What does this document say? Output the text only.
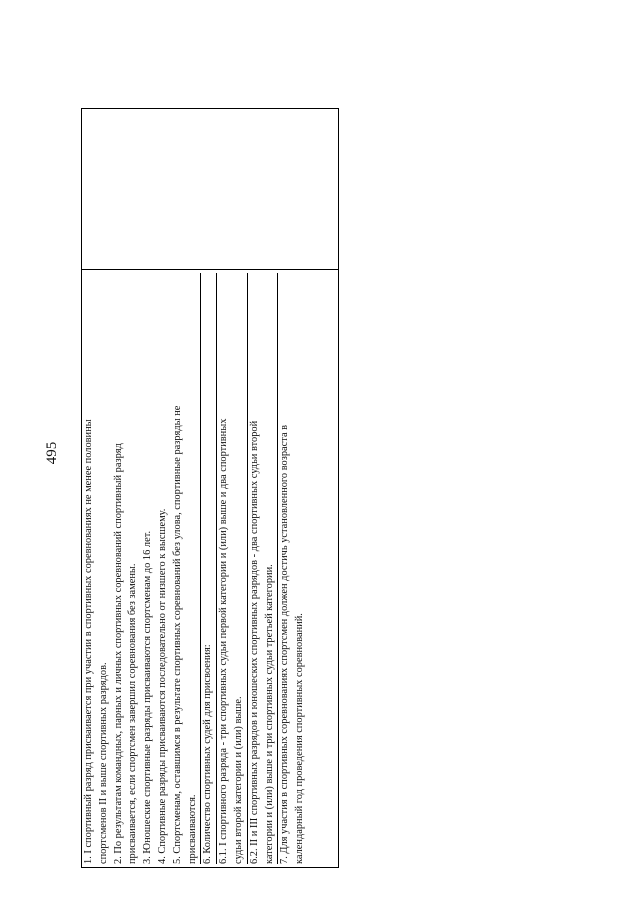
495	1. I спортивный разряд присваивается при участии в спортивных соревнованиях не менее половины спортсменов II и выше спортивных разрядов. 2. По результатам командных, парных и личных спортивных соревнований спортивный разряд присваивается, если спортсмен завершил соревнования без замены. 3. Юношеские спортивные разряды присваиваются спортсменам до 16 лет. 4. Спортивные разряды присваиваются последовательно от низшего к высшему. 5. Спортсменам, оставшимся в результате спортивных соревнований без улова, спортивные разряды не присваиваются. 6. Количество спортивных судей для присвоения: 6.1. I спортивного разряда - три спортивных судьи первой категории и (или) выше и два спортивных судьи второй категории и (или) выше. 6.2. II и III спортивных разрядов и юношеских спортивных разрядов - два спортивных судьи второй категории и (или) выше и три спортивных судьи третьей категории. 7. Для участия в спортивных соревнованиях спортсмен должен достичь установленного возраста в календарный год проведения спортивных соревнований.
